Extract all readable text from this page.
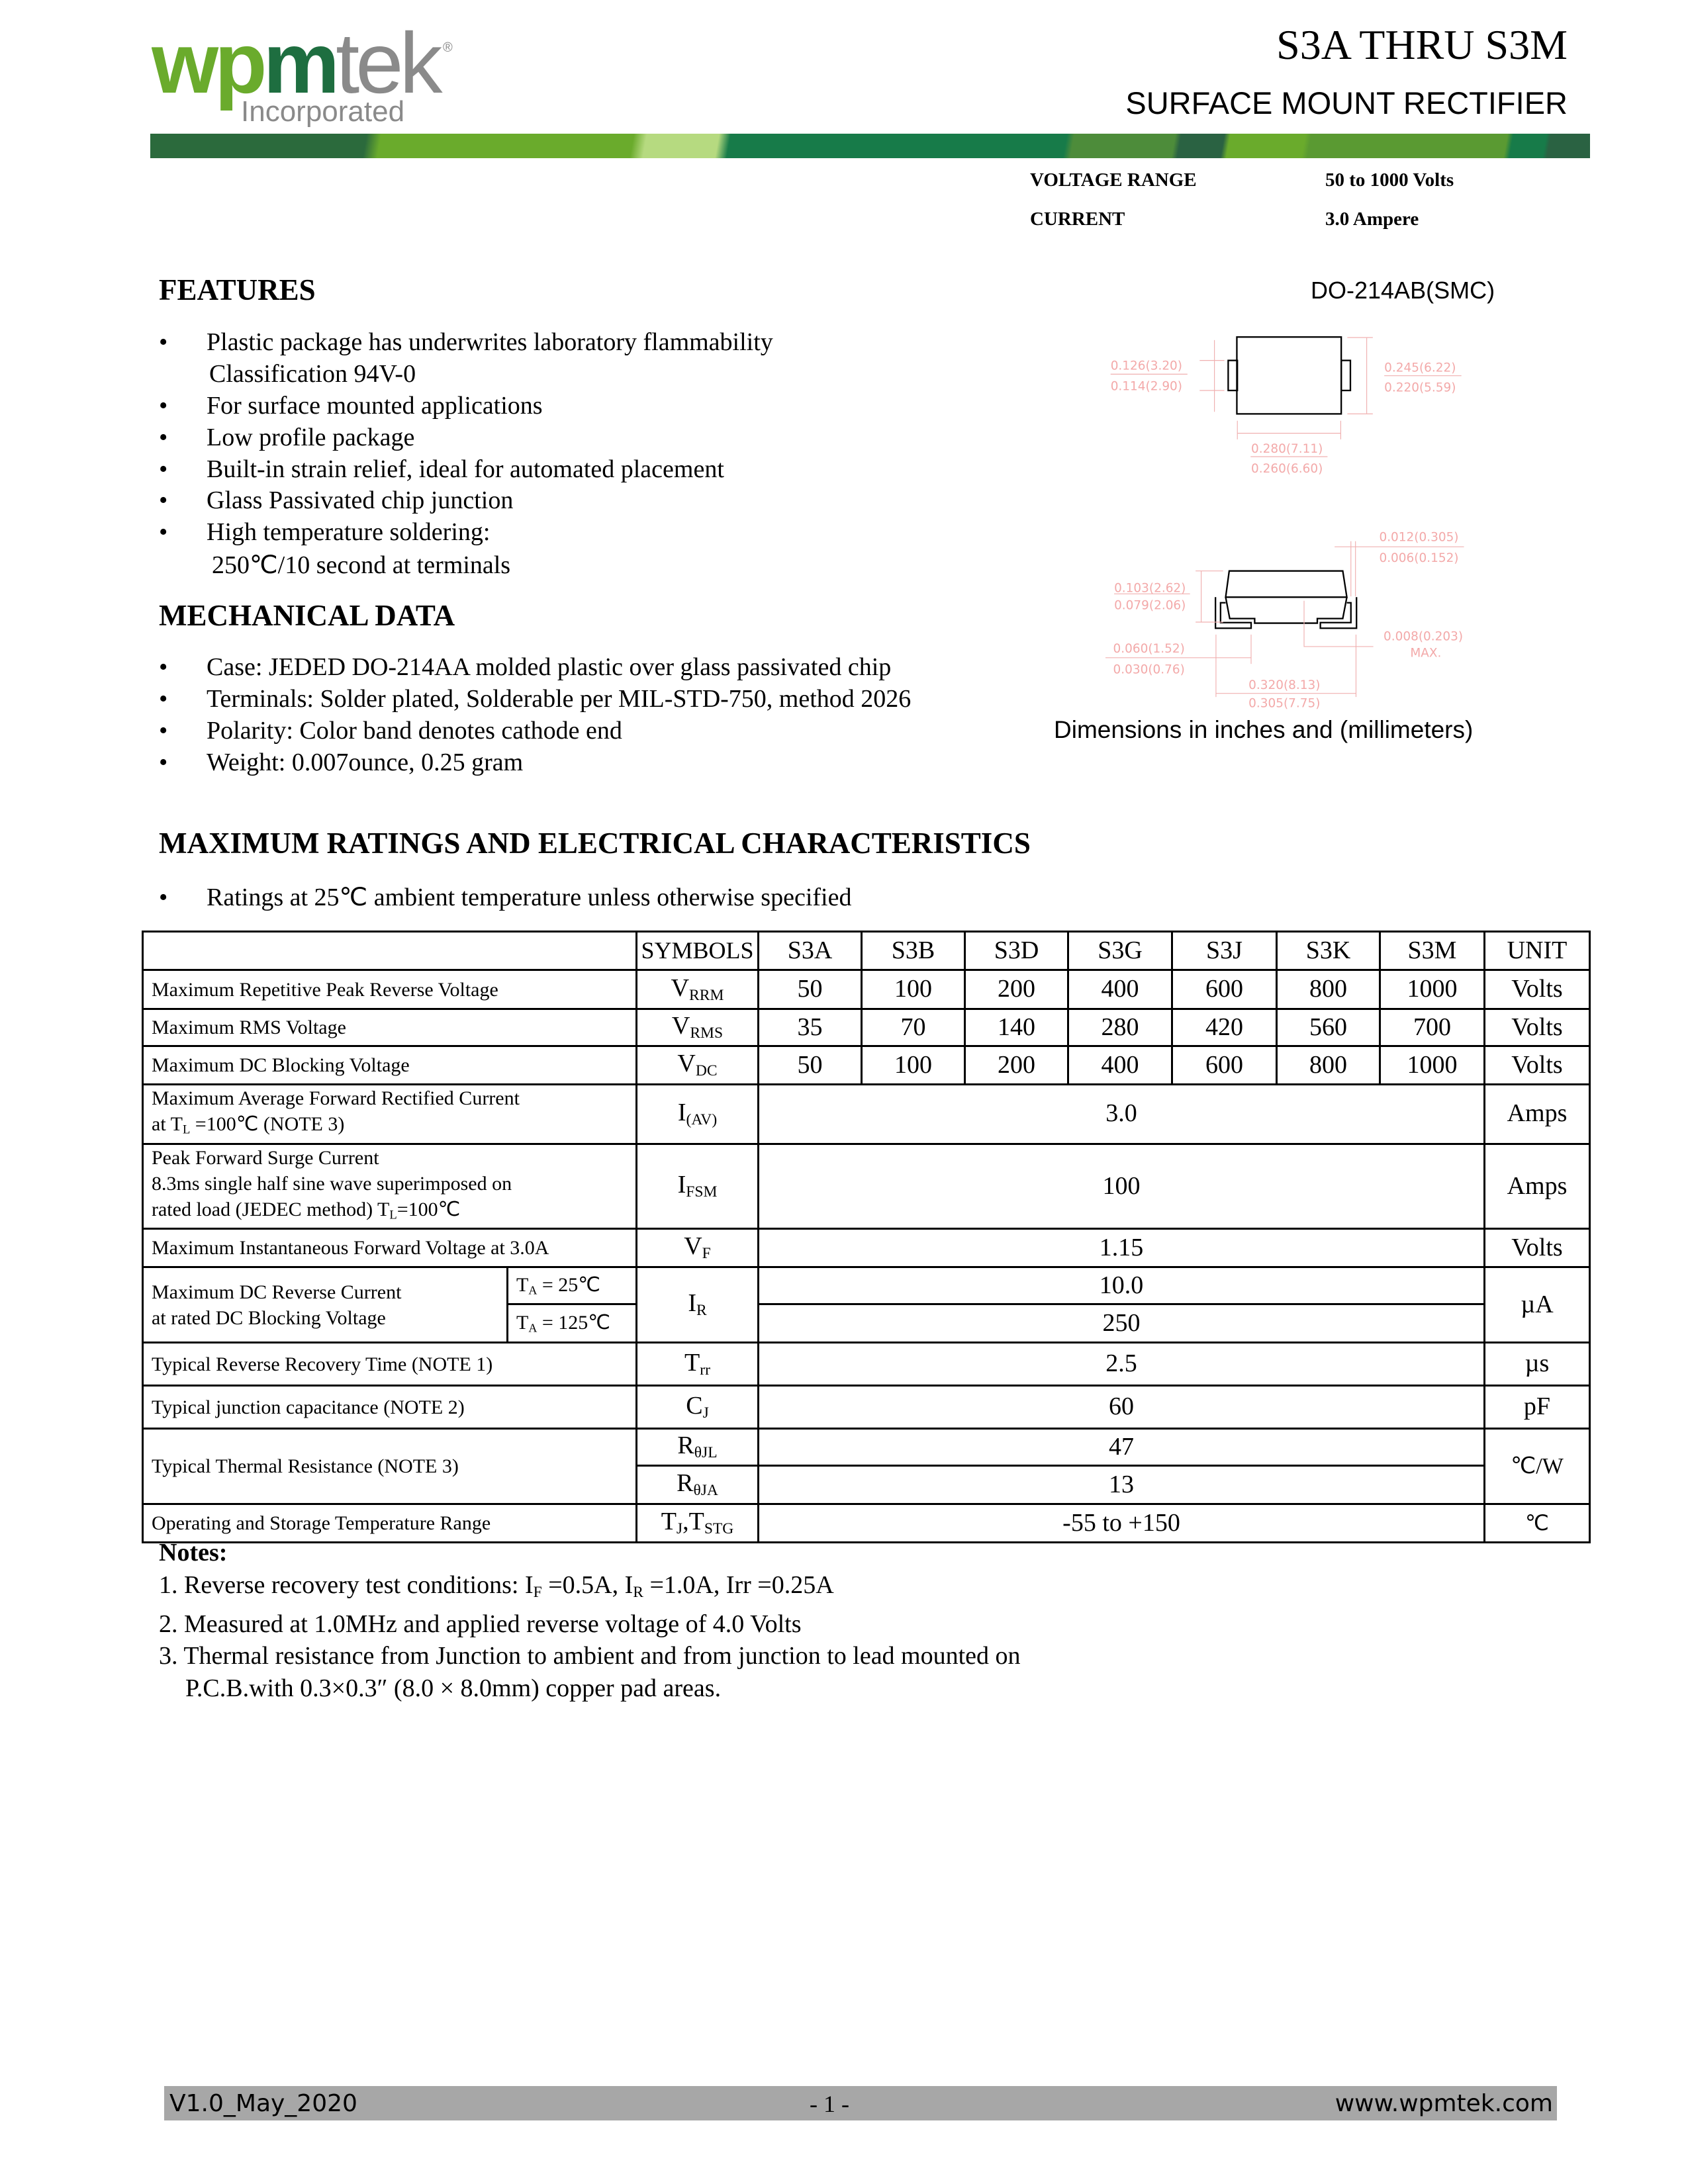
wpmtek ®
Incorporated
S3A THRU S3M
SURFACE MOUNT RECTIFIER
VOLTAGE RANGE	50 to 1000 Volts
CURRENT	3.0 Ampere
FEATURES
• Plastic package has underwrites laboratory flammability
Classification 94V-0
• For surface mounted applications
• Low profile package
• Built-in strain relief, ideal for automated placement
• Glass Passivated chip junction
• High temperature soldering:
250℃/10 second at terminals
MECHANICAL DATA
• Case: JEDED DO-214AA molded plastic over glass passivated chip
• Terminals: Solder plated, Solderable per MIL-STD-750, method 2026
• Polarity: Color band denotes cathode end
• Weight: 0.007ounce, 0.25 gram
DO-214AB(SMC)
0.126(3.20)
0.114(2.90)
0.245(6.22)
0.220(5.59)
0.280(7.11)
0.260(6.60)
0.012(0.305)
0.006(0.152)
0.103(2.62)
0.079(2.06)
0.008(0.203)
MAX.
0.060(1.52)
0.030(0.76)
0.320(8.13)
0.305(7.75)
Dimensions in inches and (millimeters)
MAXIMUM RATINGS AND ELECTRICAL CHARACTERISTICS
• Ratings at 25℃ ambient temperature unless otherwise specified
		SYMBOLS	S3A	S3B	S3D	S3G	S3J	S3K	S3M	UNIT
Maximum Repetitive Peak Reverse Voltage		$V_{RRM}$	50	100	200	400	600	800	1000	Volts
Maximum RMS Voltage		$V_{RMS}$	35	70	140	280	420	560	700	Volts
Maximum DC Blocking Voltage		$V_{DC}$	50	100	200	400	600	800	1000	Volts
Maximum Average Forward Rectified Current
at $T_L$ =100℃ (NOTE 3)		$I_{(AV)}$	3.0							Amps
Peak Forward Surge Current
8.3ms single half sine wave superimposed on
rated load (JEDEC method) $T_L=100℃$		$I_{FSM}$	100							Amps
Maximum Instantaneous Forward Voltage at 3.0A		$V_F$	1.15							Volts
Maximum DC Reverse Current
at rated DC Blocking Voltage	$T_A$ = 25℃	$I_R$	10.0							µA
	$T_A$ = 125℃		250							
Typical Reverse Recovery Time (NOTE 1)		$T_{rr}$	2.5							µs
Typical junction capacitance (NOTE 2)		$C_J$	60							pF
Typical Thermal Resistance (NOTE 3)		$R_{\theta JL}$	47							℃/W
		$R_{\theta JA}$	13							
Operating and Storage Temperature Range		$T_J,T_{STG}$	-55 to +150							℃
Notes:
1. Reverse recovery test conditions: $I_F =0.5A$, $I_R =1.0A$, Irr =0.25A
2. Measured at 1.0MHz and applied reverse voltage of 4.0 Volts
3. Thermal resistance from Junction to ambient and from junction to lead mounted on
P.C.B.with 0.3×0.3″ (8.0 × 8.0mm) copper pad areas.
V1.0_May_2020	- 1 -	www.wpmtek.com
